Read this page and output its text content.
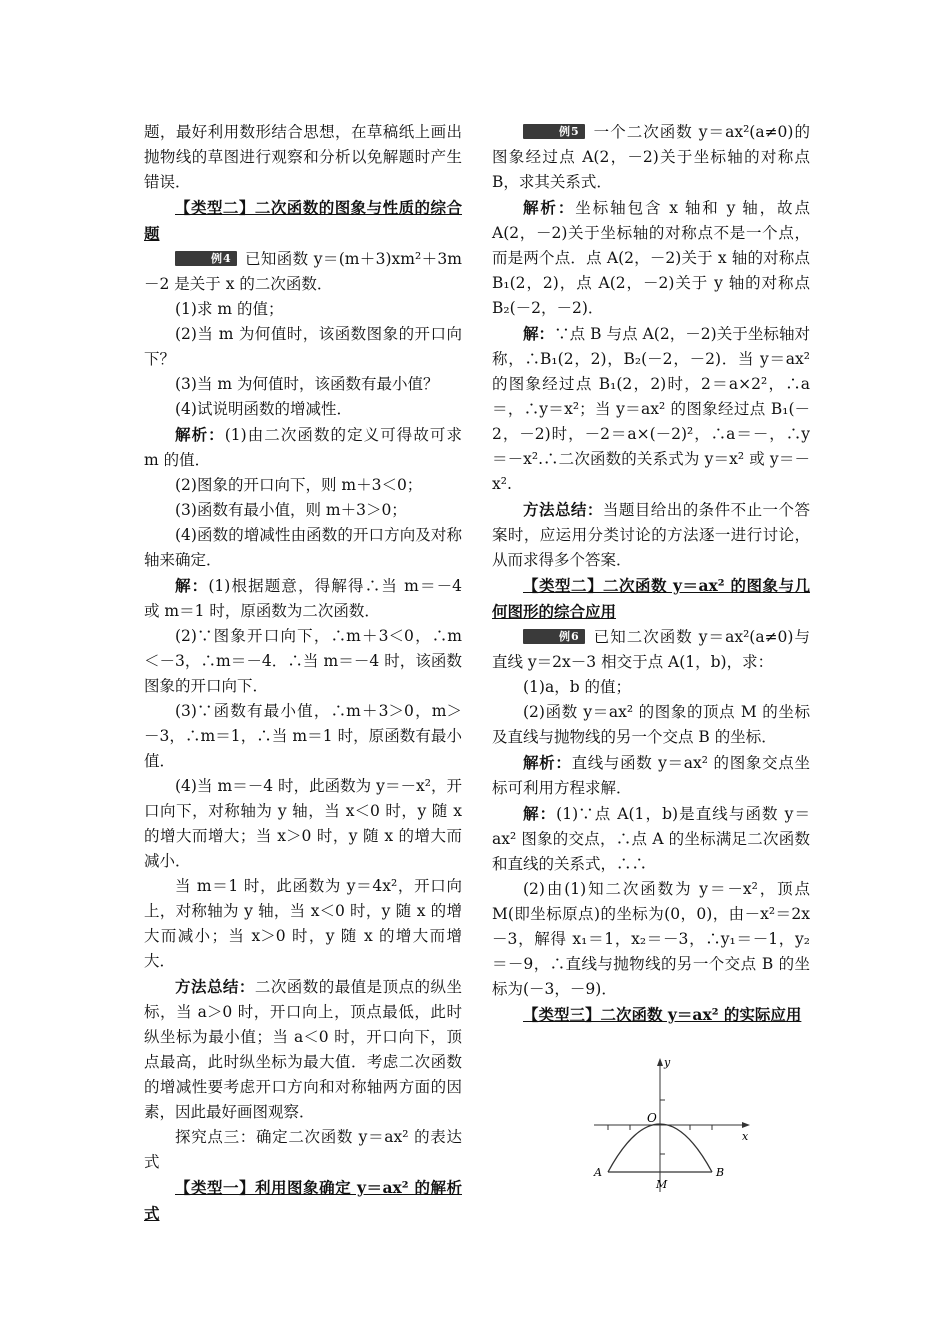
题，最好利用数形结合思想，在草稿纸上画出抛物线的草图进行观察和分析以免解题时产生错误．

【类型二】二次函数的图象与性质的综合题

例4 已知函数 y＝(m＋3)xm²＋3m－2 是关于 x 的二次函数．

(1)求 m 的值；

(2)当 m 为何值时，该函数图象的开口向下？

(3)当 m 为何值时，该函数有最小值？

(4)试说明函数的增减性．

解析：(1)由二次函数的定义可得故可求 m 的值．

(2)图象的开口向下，则 m＋3＜0；

(3)函数有最小值，则 m＋3＞0；

(4)函数的增减性由函数的开口方向及对称轴来确定．

解：(1)根据题意，得解得∴当 m＝－4 或 m＝1 时，原函数为二次函数．

(2)∵图象开口向下，∴m＋3＜0，∴m＜－3，∴m＝－4．∴当 m＝－4 时，该函数图象的开口向下．

(3)∵函数有最小值，∴m＋3＞0，m＞－3，∴m＝1，∴当 m＝1 时，原函数有最小值．

(4)当 m＝－4 时，此函数为 y＝－x²，开口向下，对称轴为 y 轴，当 x＜0 时，y 随 x 的增大而增大；当 x＞0 时，y 随 x 的增大而减小．

当 m＝1 时，此函数为 y＝4x²，开口向上，对称轴为 y 轴，当 x＜0 时，y 随 x 的增大而减小；当 x＞0 时，y 随 x 的增大而增大．

方法总结：二次函数的最值是顶点的纵坐标，当 a＞0 时，开口向上，顶点最低，此时纵坐标为最小值；当 a＜0 时，开口向下，顶点最高，此时纵坐标为最大值．考虑二次函数的增减性要考虑开口方向和对称轴两方面的因素，因此最好画图观察．

探究点三：确定二次函数 y＝ax² 的表达式

【类型一】利用图象确定 y＝ax² 的解析式

例5 一个二次函数 y＝ax²(a≠0)的图象经过点 A(2，－2)关于坐标轴的对称点 B，求其关系式．

解析：坐标轴包含 x 轴和 y 轴，故点 A(2，－2)关于坐标轴的对称点不是一个点，而是两个点．点 A(2，－2)关于 x 轴的对称点 B₁(2，2)，点 A(2，－2)关于 y 轴的对称点 B₂(－2，－2)．

解：∵点 B 与点 A(2，－2)关于坐标轴对称，∴B₁(2，2)，B₂(－2，－2)．当 y＝ax² 的图象经过点 B₁(2，2)时，2＝a×2²，∴a＝，∴y＝x²；当 y＝ax² 的图象经过点 B₁(－2，－2)时，－2＝a×(－2)²，∴a＝－，∴y＝－x².∴二次函数的关系式为 y＝x² 或 y＝－x².

方法总结：当题目给出的条件不止一个答案时，应运用分类讨论的方法逐一进行讨论，从而求得多个答案．

【类型二】二次函数 y＝ax² 的图象与几何图形的综合应用

例6 已知二次函数 y＝ax²(a≠0)与直线 y＝2x－3 相交于点 A(1，b)，求：

(1)a，b 的值；

(2)函数 y＝ax² 的图象的顶点 M 的坐标及直线与抛物线的另一个交点 B 的坐标．

解析：直线与函数 y＝ax² 的图象交点坐标可利用方程求解．

解：(1)∵点 A(1，b)是直线与函数 y＝ax² 图象的交点，∴点 A 的坐标满足二次函数和直线的关系式，∴∴

(2)由(1)知二次函数为 y＝－x²，顶点 M(即坐标原点)的坐标为(0，0)，由－x²＝2x－3，解得 x₁＝1，x₂＝－3，∴y₁＝－1，y₂＝－9，∴直线与抛物线的另一个交点 B 的坐标为(－3，－9)．

【类型三】二次函数 y＝ax² 的实际应用

y
x
O
A
M
B
